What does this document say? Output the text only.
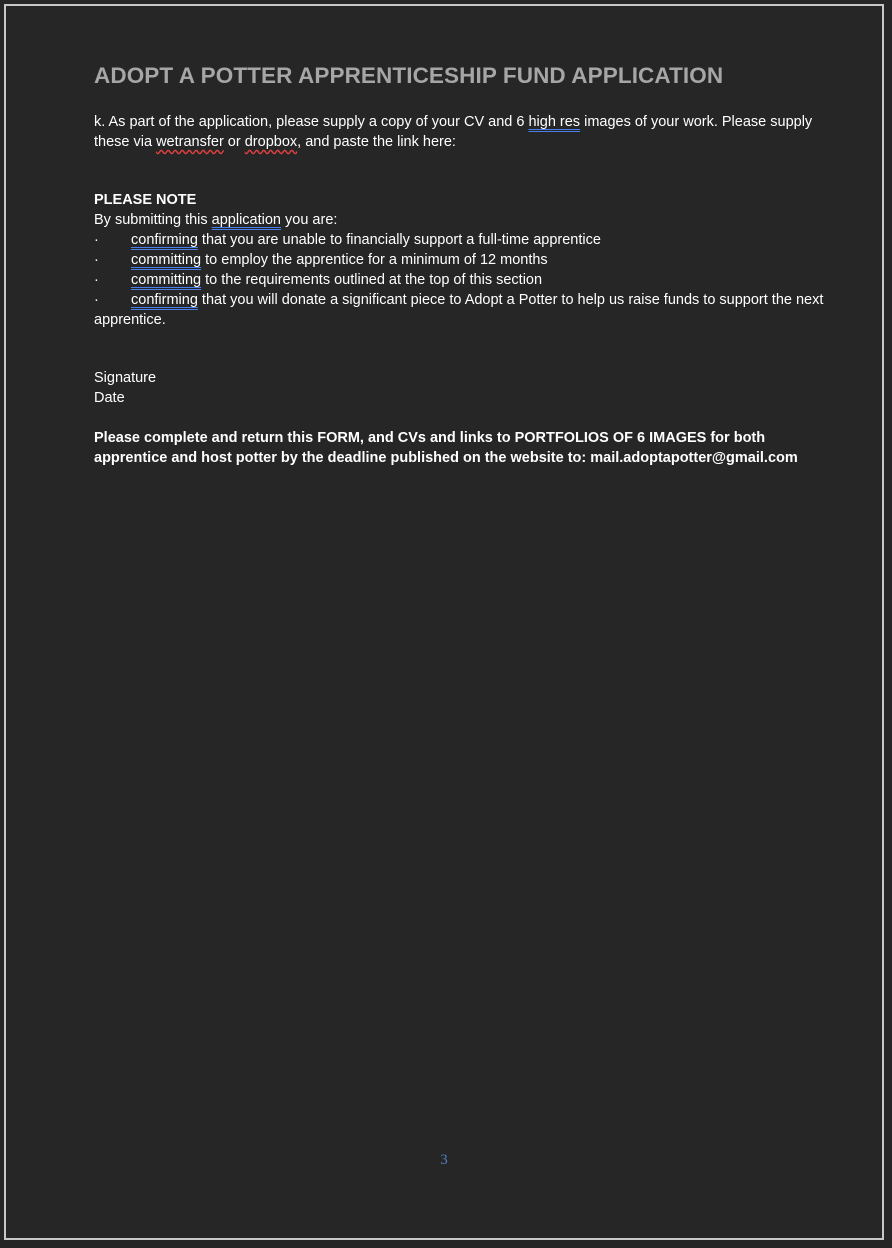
ADOPT A POTTER APPRENTICESHIP FUND APPLICATION

k. As part of the application, please supply a copy of your CV and 6 high res images of your work. Please supply these via wetransfer or dropbox, and paste the link here:

PLEASE NOTE
By submitting this application you are:
· confirming that you are unable to financially support a full-time apprentice
· committing to employ the apprentice for a minimum of 12 months
· committing to the requirements outlined at the top of this section
· confirming that you will donate a significant piece to Adopt a Potter to help us raise funds to support the next apprentice.
Signature
Date
Please complete and return this FORM, and CVs and links to PORTFOLIOS OF 6 IMAGES for both apprentice and host potter by the deadline published on the website to: mail.adoptapotter@gmail.com
3
